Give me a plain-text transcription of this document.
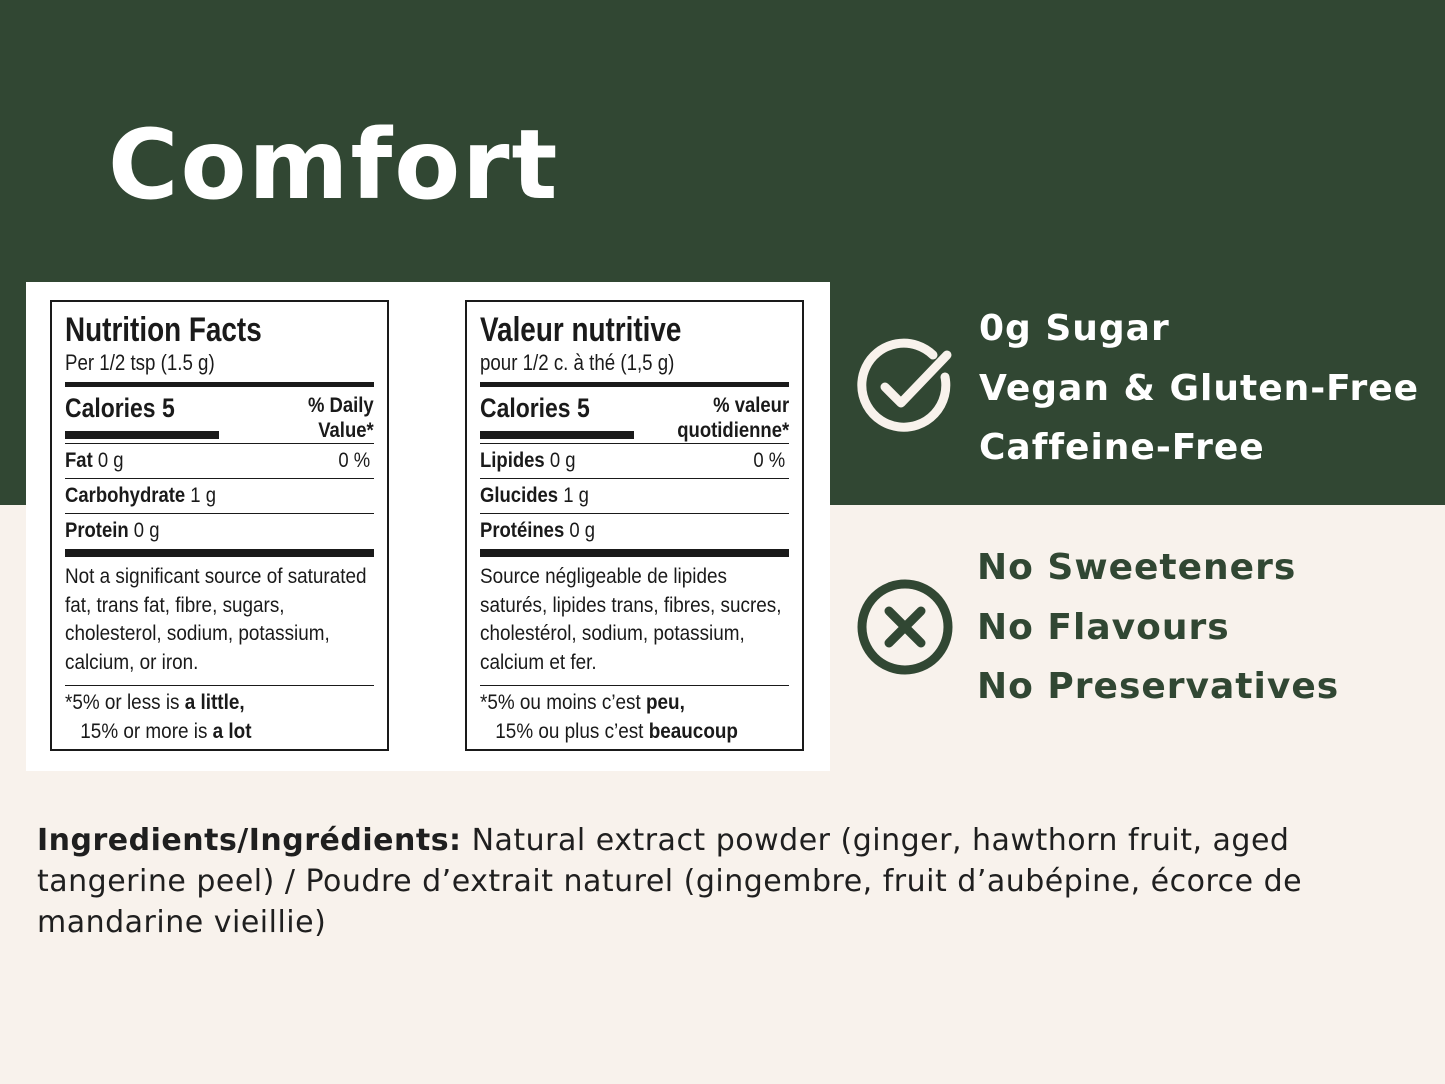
Comfort
Nutrition Facts
Per 1/2 tsp (1.5 g)
Calories 5	% Daily
Value*
Fat 0 g	0 %
Carbohydrate 1 g
Protein 0 g
Not a significant source of saturated fat, trans fat, fibre, sugars, cholesterol, sodium, potassium, calcium, or iron.
*5% or less is a little,
15% or more is a lot
Valeur nutritive
pour 1/2 c. à thé (1,5 g)
Calories 5	% valeur
quotidienne*
Lipides 0 g	0 %
Glucides 1 g
Protéines 0 g
Source négligeable de lipides saturés, lipides trans, fibres, sucres, cholestérol, sodium, potassium, calcium et fer.
*5% ou moins c’est peu,
15% ou plus c’est beaucoup
0g Sugar
Vegan & Gluten-Free
Caffeine-Free
No Sweeteners
No Flavours
No Preservatives

Ingredients/Ingrédients: Natural extract powder (ginger, hawthorn fruit, aged tangerine peel) / Poudre d’extrait naturel (gingembre, fruit d’aubépine, écorce de mandarine vieillie)
